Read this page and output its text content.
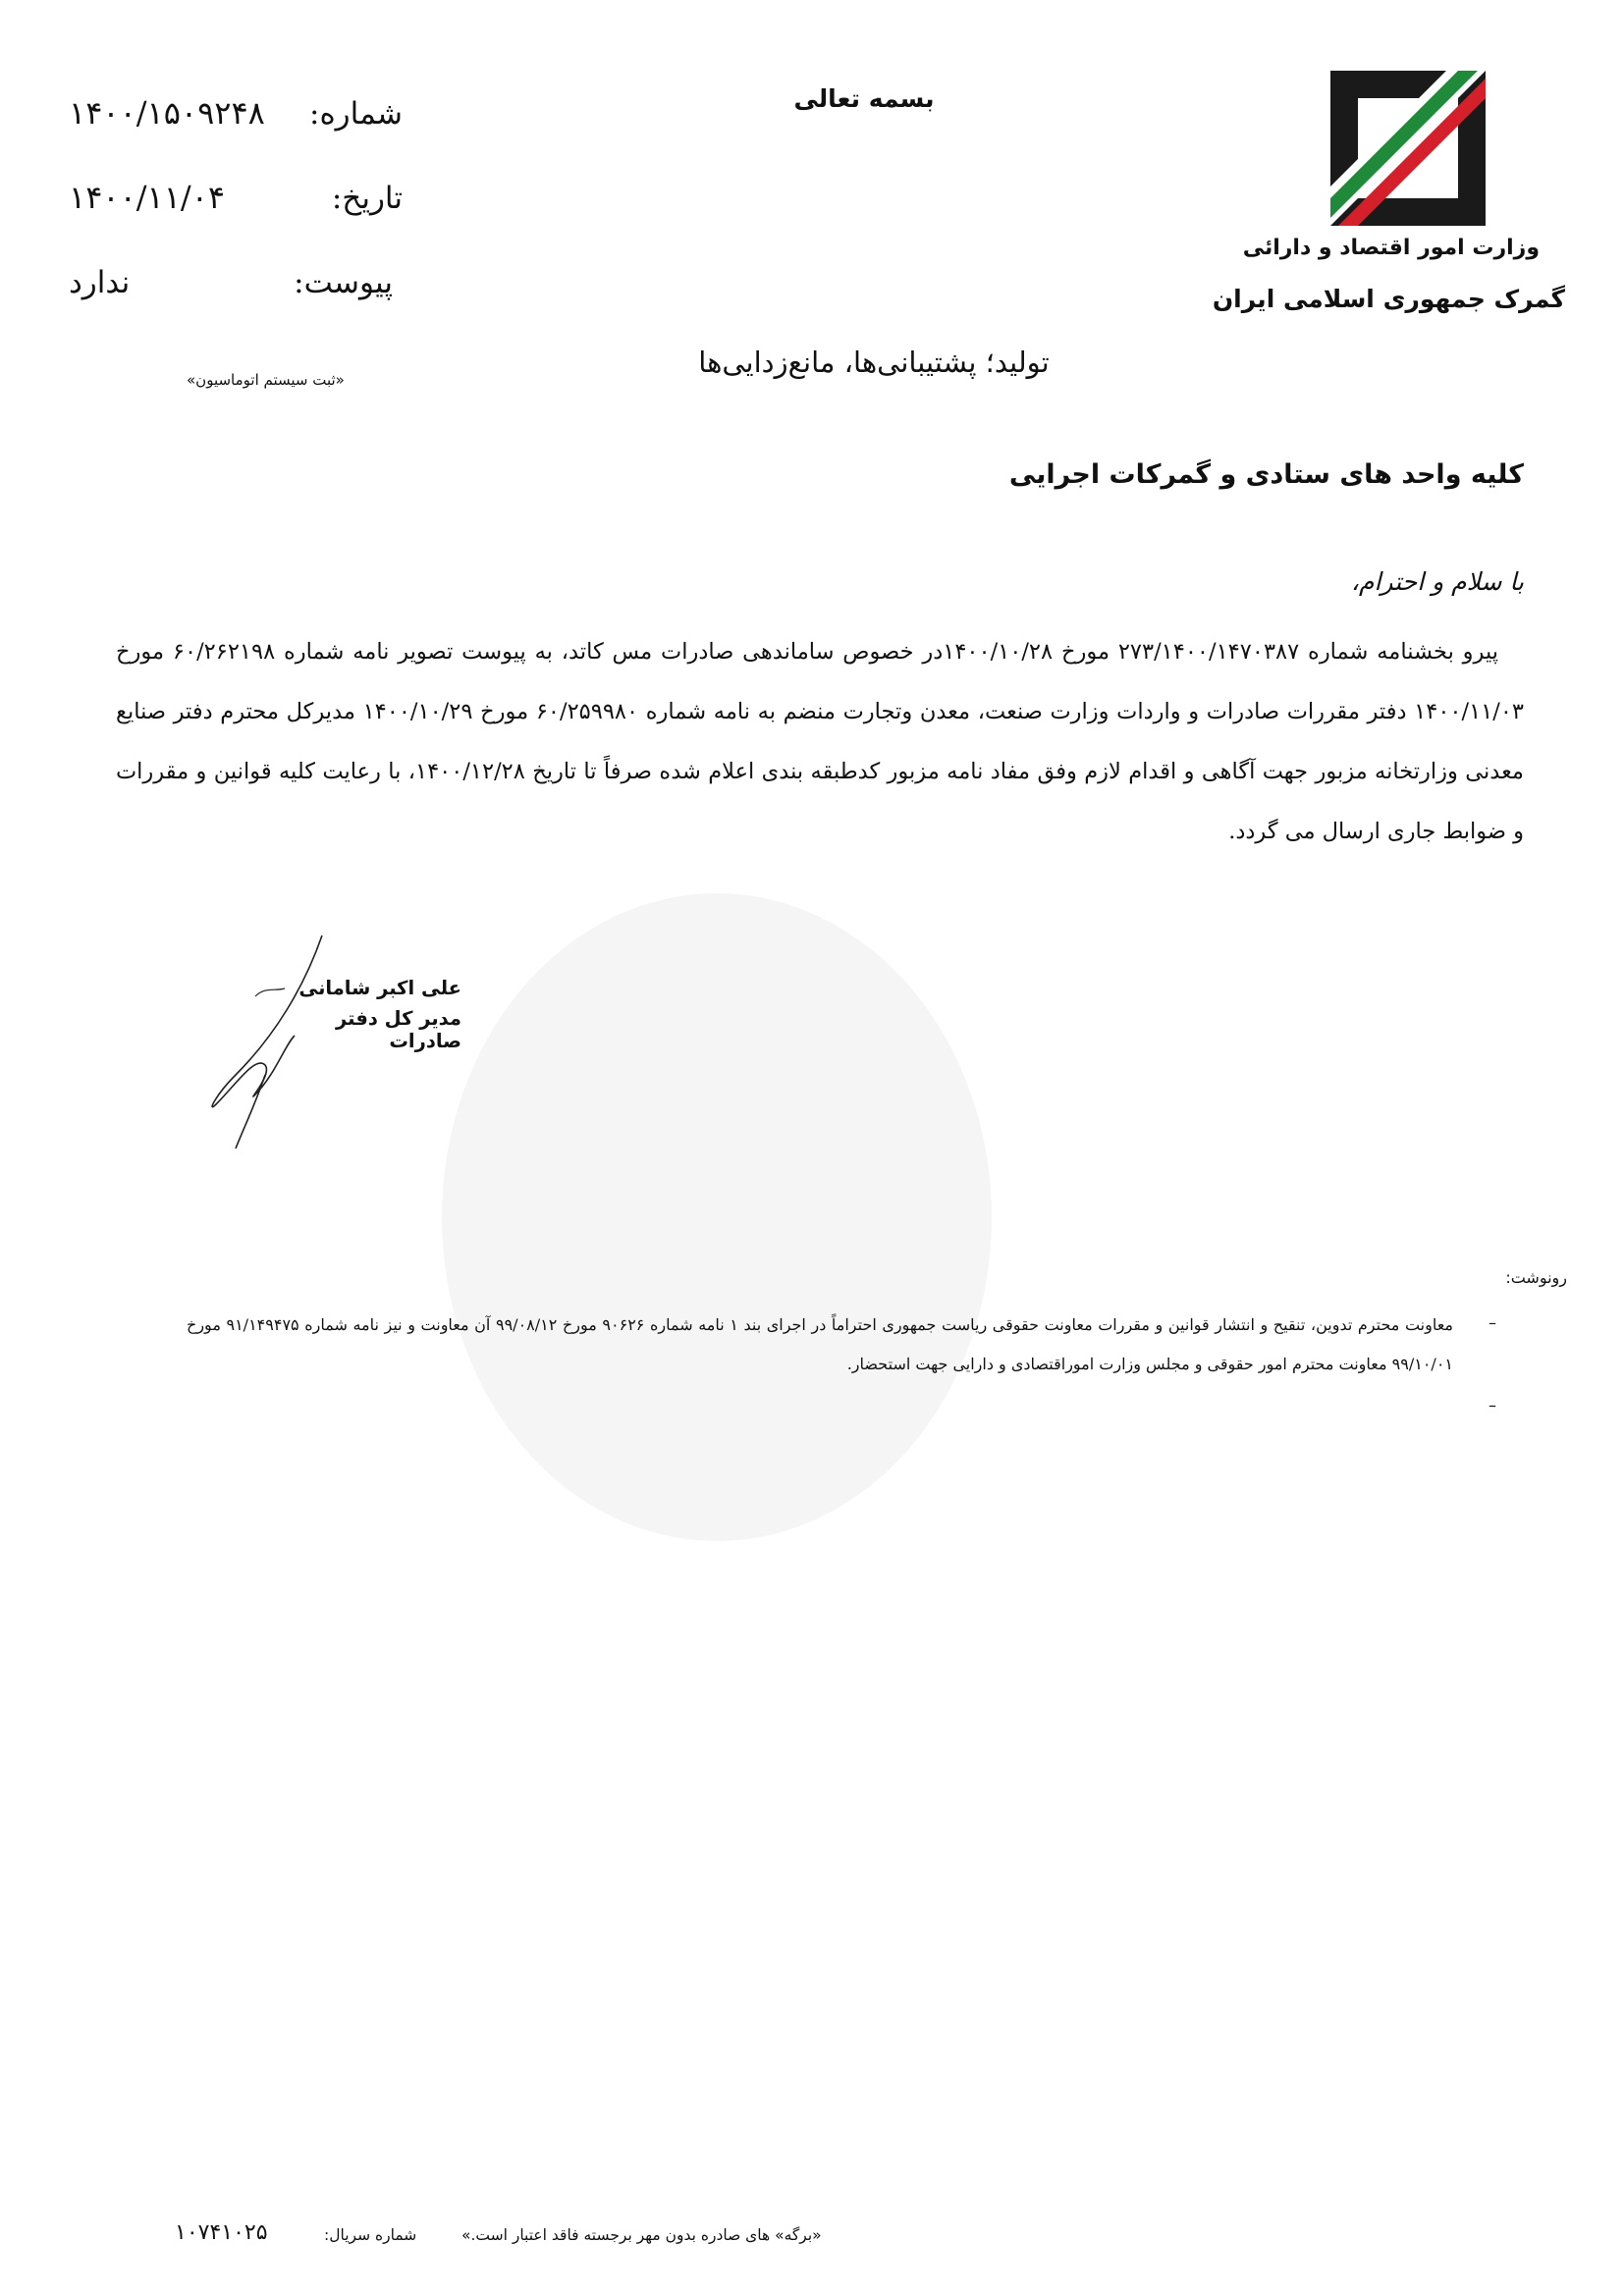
شماره:
۱۴۰۰/۱۵۰۹۲۴۸
تاریخ:
۱۴۰۰/۱۱/۰۴
پیوست:
ندارد
«ثبت سیستم اتوماسیون»
بسمه تعالی
تولید؛ پشتیبانی‌ها، مانع‌زدایی‌ها
وزارت امور اقتصاد و دارائی
گمرک جمهوری اسلامی ایران
کلیه واحد های ستادی و گمرکات اجرایی
با سلام و احترام،
پیرو بخشنامه شماره ۲۷۳/۱۴۰۰/۱۴۷۰۳۸۷ مورخ ۱۴۰۰/۱۰/۲۸در خصوص ساماندهی صادرات مس کاتد، به پیوست تصویر نامه شماره ۶۰/۲۶۲۱۹۸ مورخ ۱۴۰۰/۱۱/۰۳ دفتر مقررات صادرات و واردات وزارت صنعت، معدن وتجارت منضم به نامه شماره ۶۰/۲۵۹۹۸۰ مورخ ۱۴۰۰/۱۰/۲۹ مدیرکل محترم دفتر صنایع معدنی وزارتخانه مزبور جهت آگاهی و اقدام لازم وفق مفاد نامه مزبور کدطبقه بندی اعلام شده صرفاً تا تاریخ ۱۴۰۰/۱۲/۲۸، با رعایت کلیه قوانین و مقررات و ضوابط جاری ارسال می گردد.
علی اکبر شامانی
مدیر کل دفتر صادرات
رونوشت:
–
معاونت محترم تدوین، تنقیح و انتشار قوانین و مقررات معاونت حقوقی ریاست جمهوری احتراماً در اجرای بند ۱ نامه شماره ۹۰۶۲۶ مورخ ۹۹/۰۸/۱۲ آن معاونت و نیز نامه شماره ۹۱/۱۴۹۴۷۵ مورخ ۹۹/۱۰/۰۱ معاونت محترم امور حقوقی و مجلس وزارت اموراقتصادی و دارایی جهت استحضار.
–
«برگه» های صادره بدون مهر برجسته فاقد اعتبار است.»
شماره سریال:
۱۰۷۴۱۰۲۵
